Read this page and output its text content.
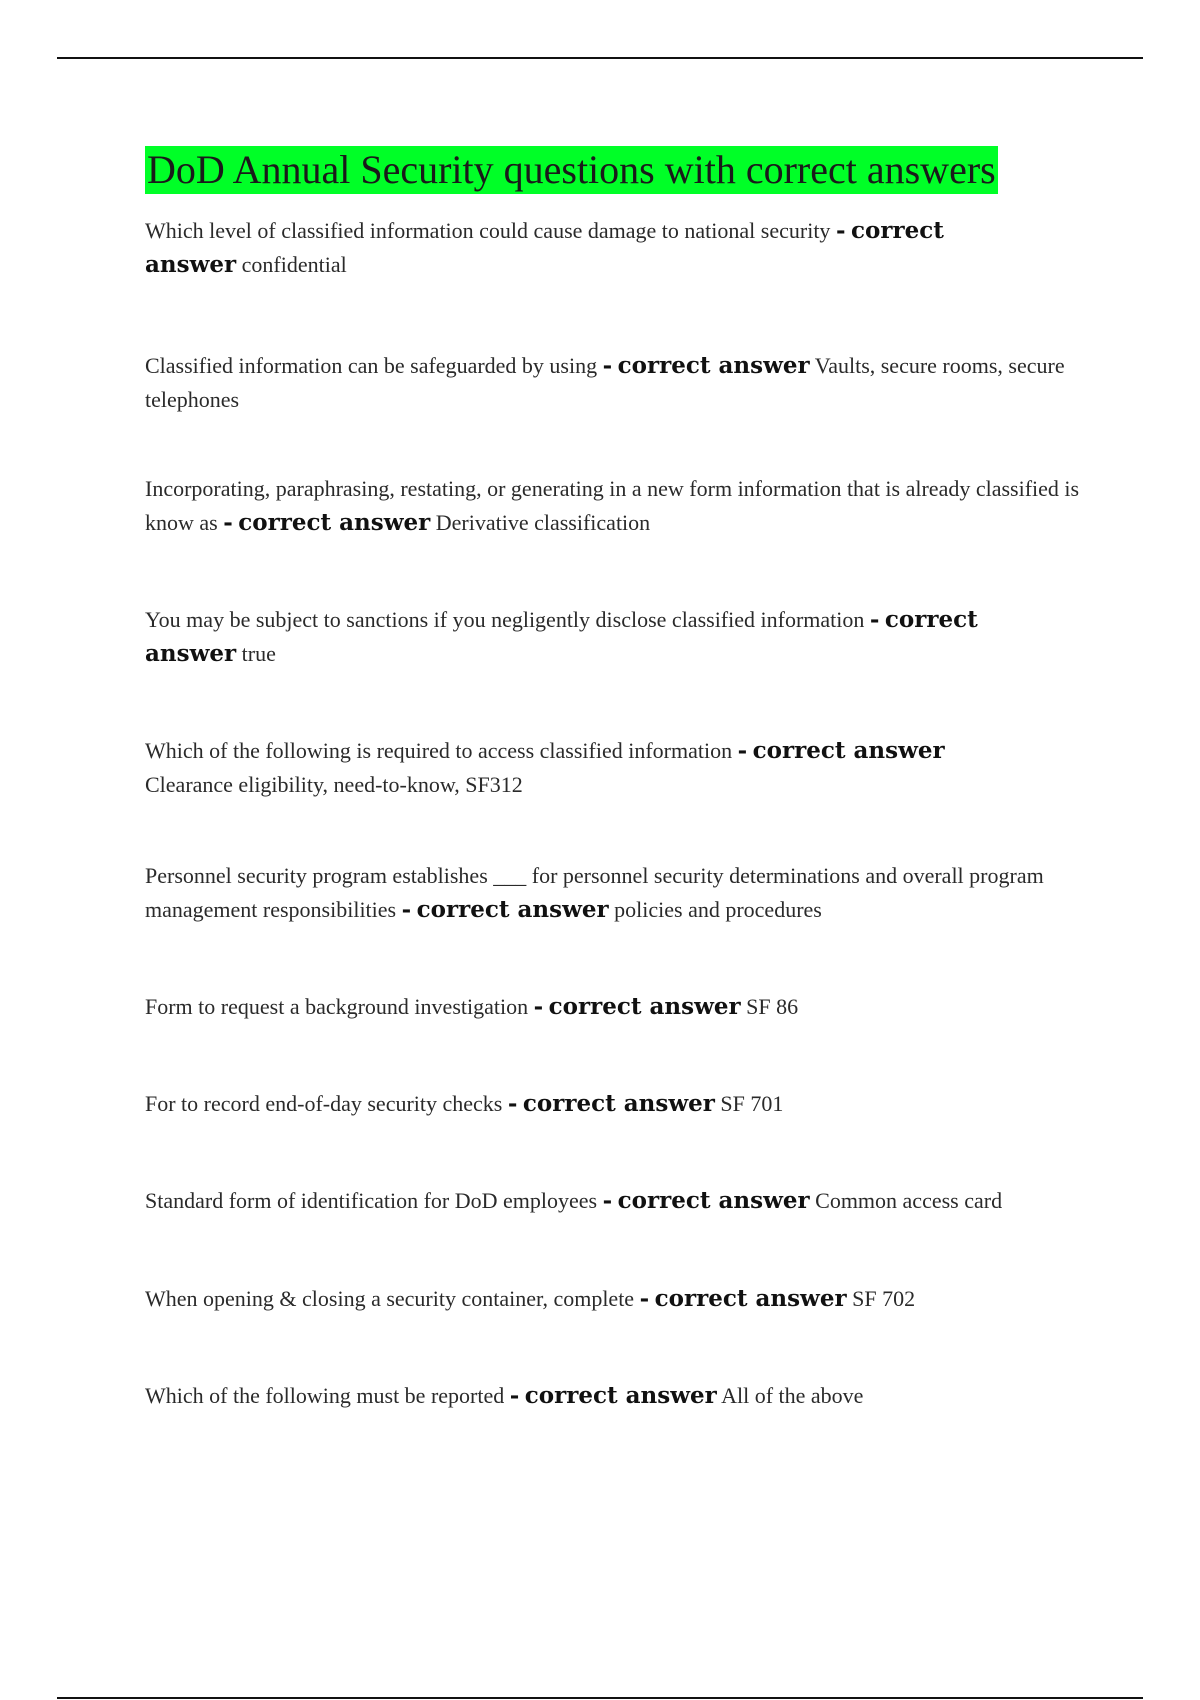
DoD Annual Security questions with correct answers

Which level of classified information could cause damage to national security - correct answer confidential

Classified information can be safeguarded by using - correct answer Vaults, secure rooms, secure telephones

Incorporating, paraphrasing, restating, or generating in a new form information that is already classified is know as - correct answer Derivative classification

You may be subject to sanctions if you negligently disclose classified information - correct answer true

Which of the following is required to access classified information - correct answer Clearance eligibility, need-to-know, SF312

Personnel security program establishes ___ for personnel security determinations and overall program management responsibilities - correct answer policies and procedures

Form to request a background investigation - correct answer SF 86

For to record end-of-day security checks - correct answer SF 701

Standard form of identification for DoD employees - correct answer Common access card

When opening & closing a security container, complete - correct answer SF 702

Which of the following must be reported - correct answer All of the above
